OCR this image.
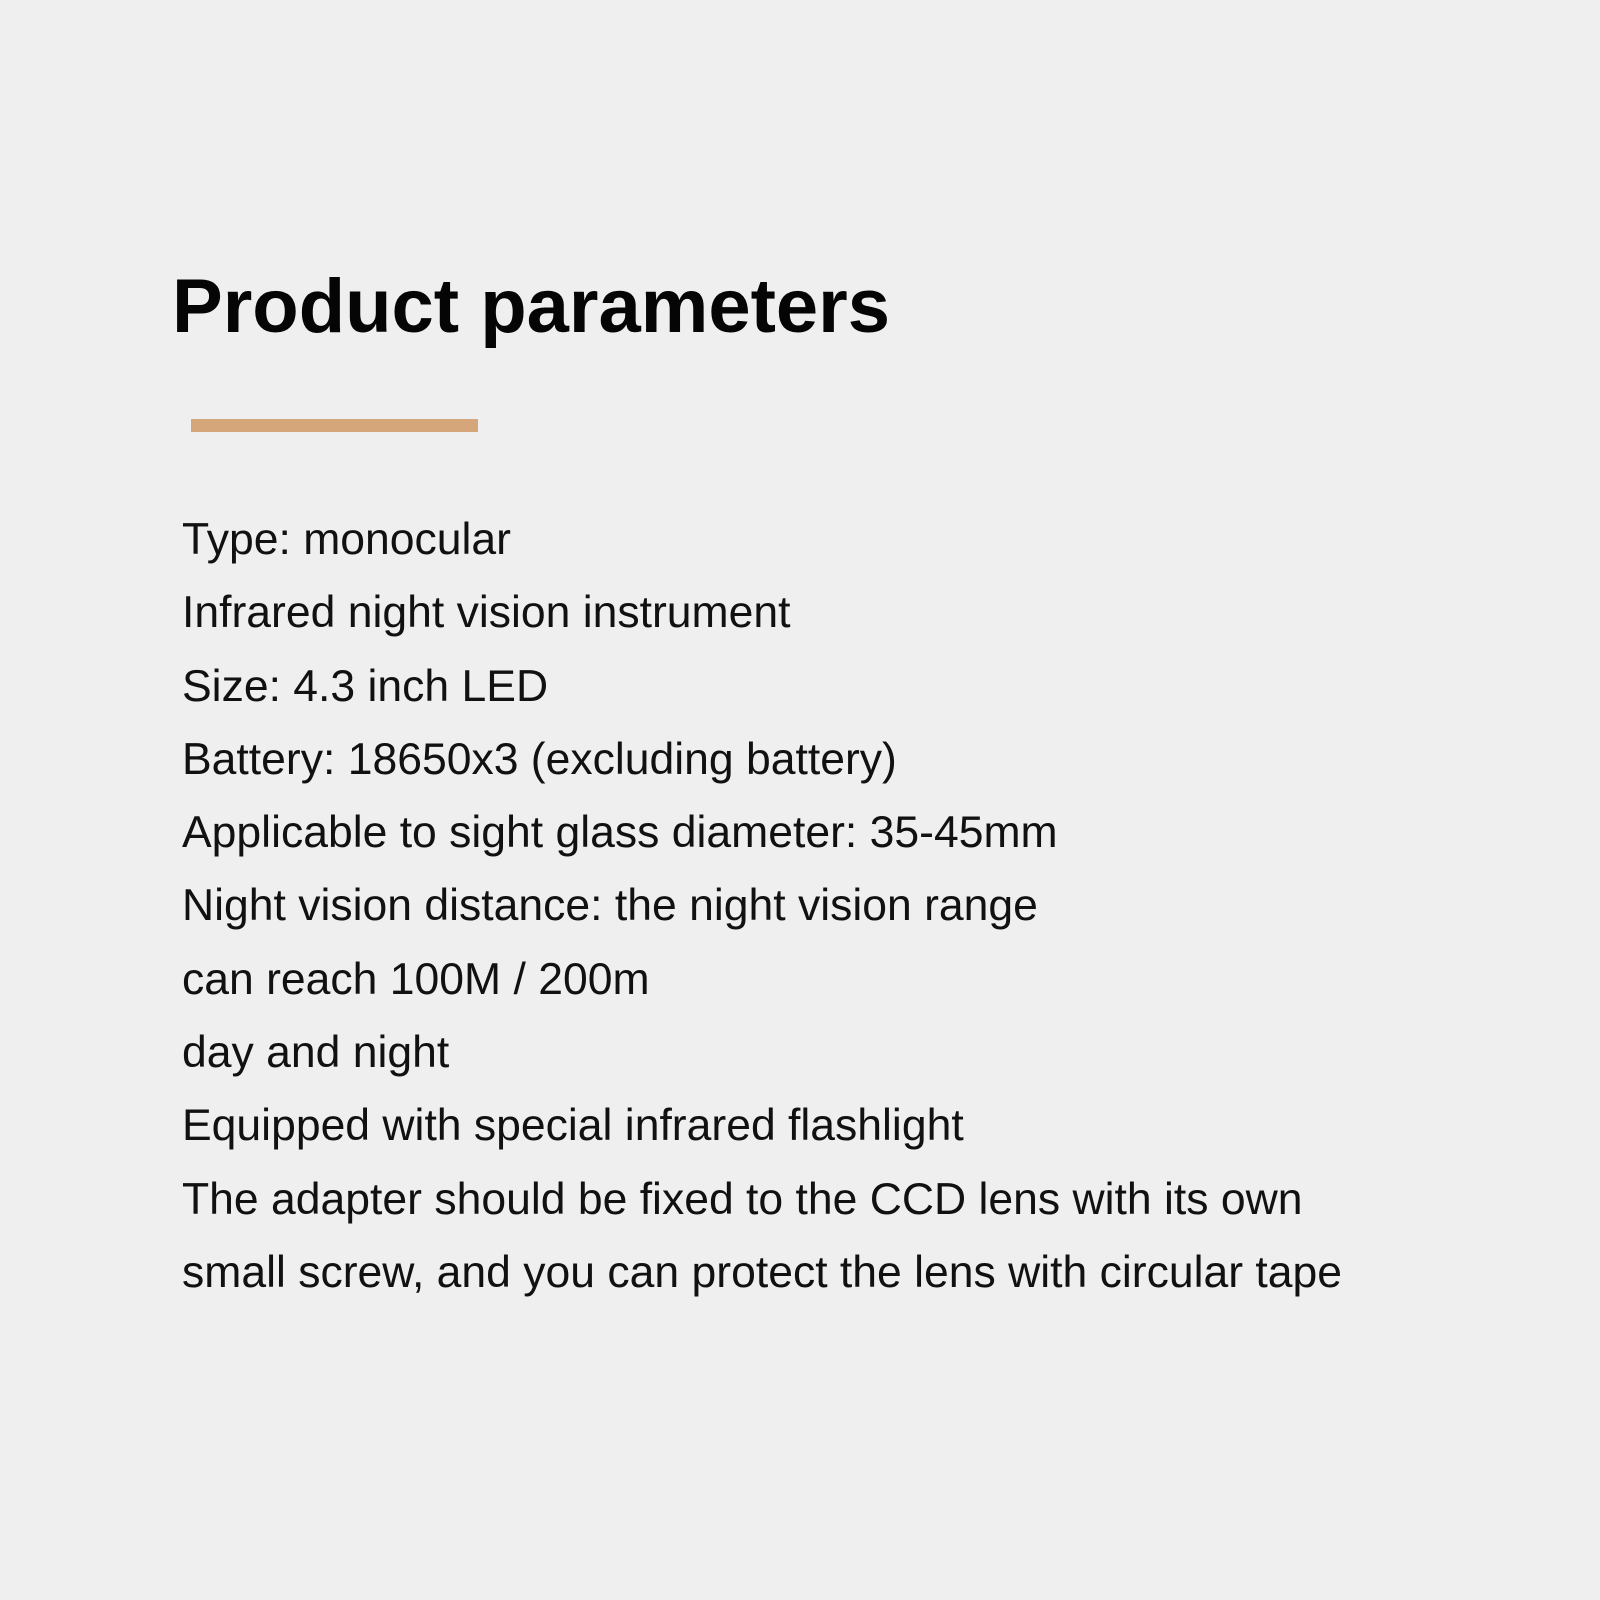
Product parameters
Type: monocular
Infrared night vision instrument
Size: 4.3 inch LED
Battery: 18650x3 (excluding battery)
Applicable to sight glass diameter: 35-45mm
Night vision distance: the night vision range
can reach 100M / 200m
day and night
Equipped with special infrared flashlight
The adapter should be fixed to the CCD lens with its own
small screw, and you can protect the lens with circular tape
